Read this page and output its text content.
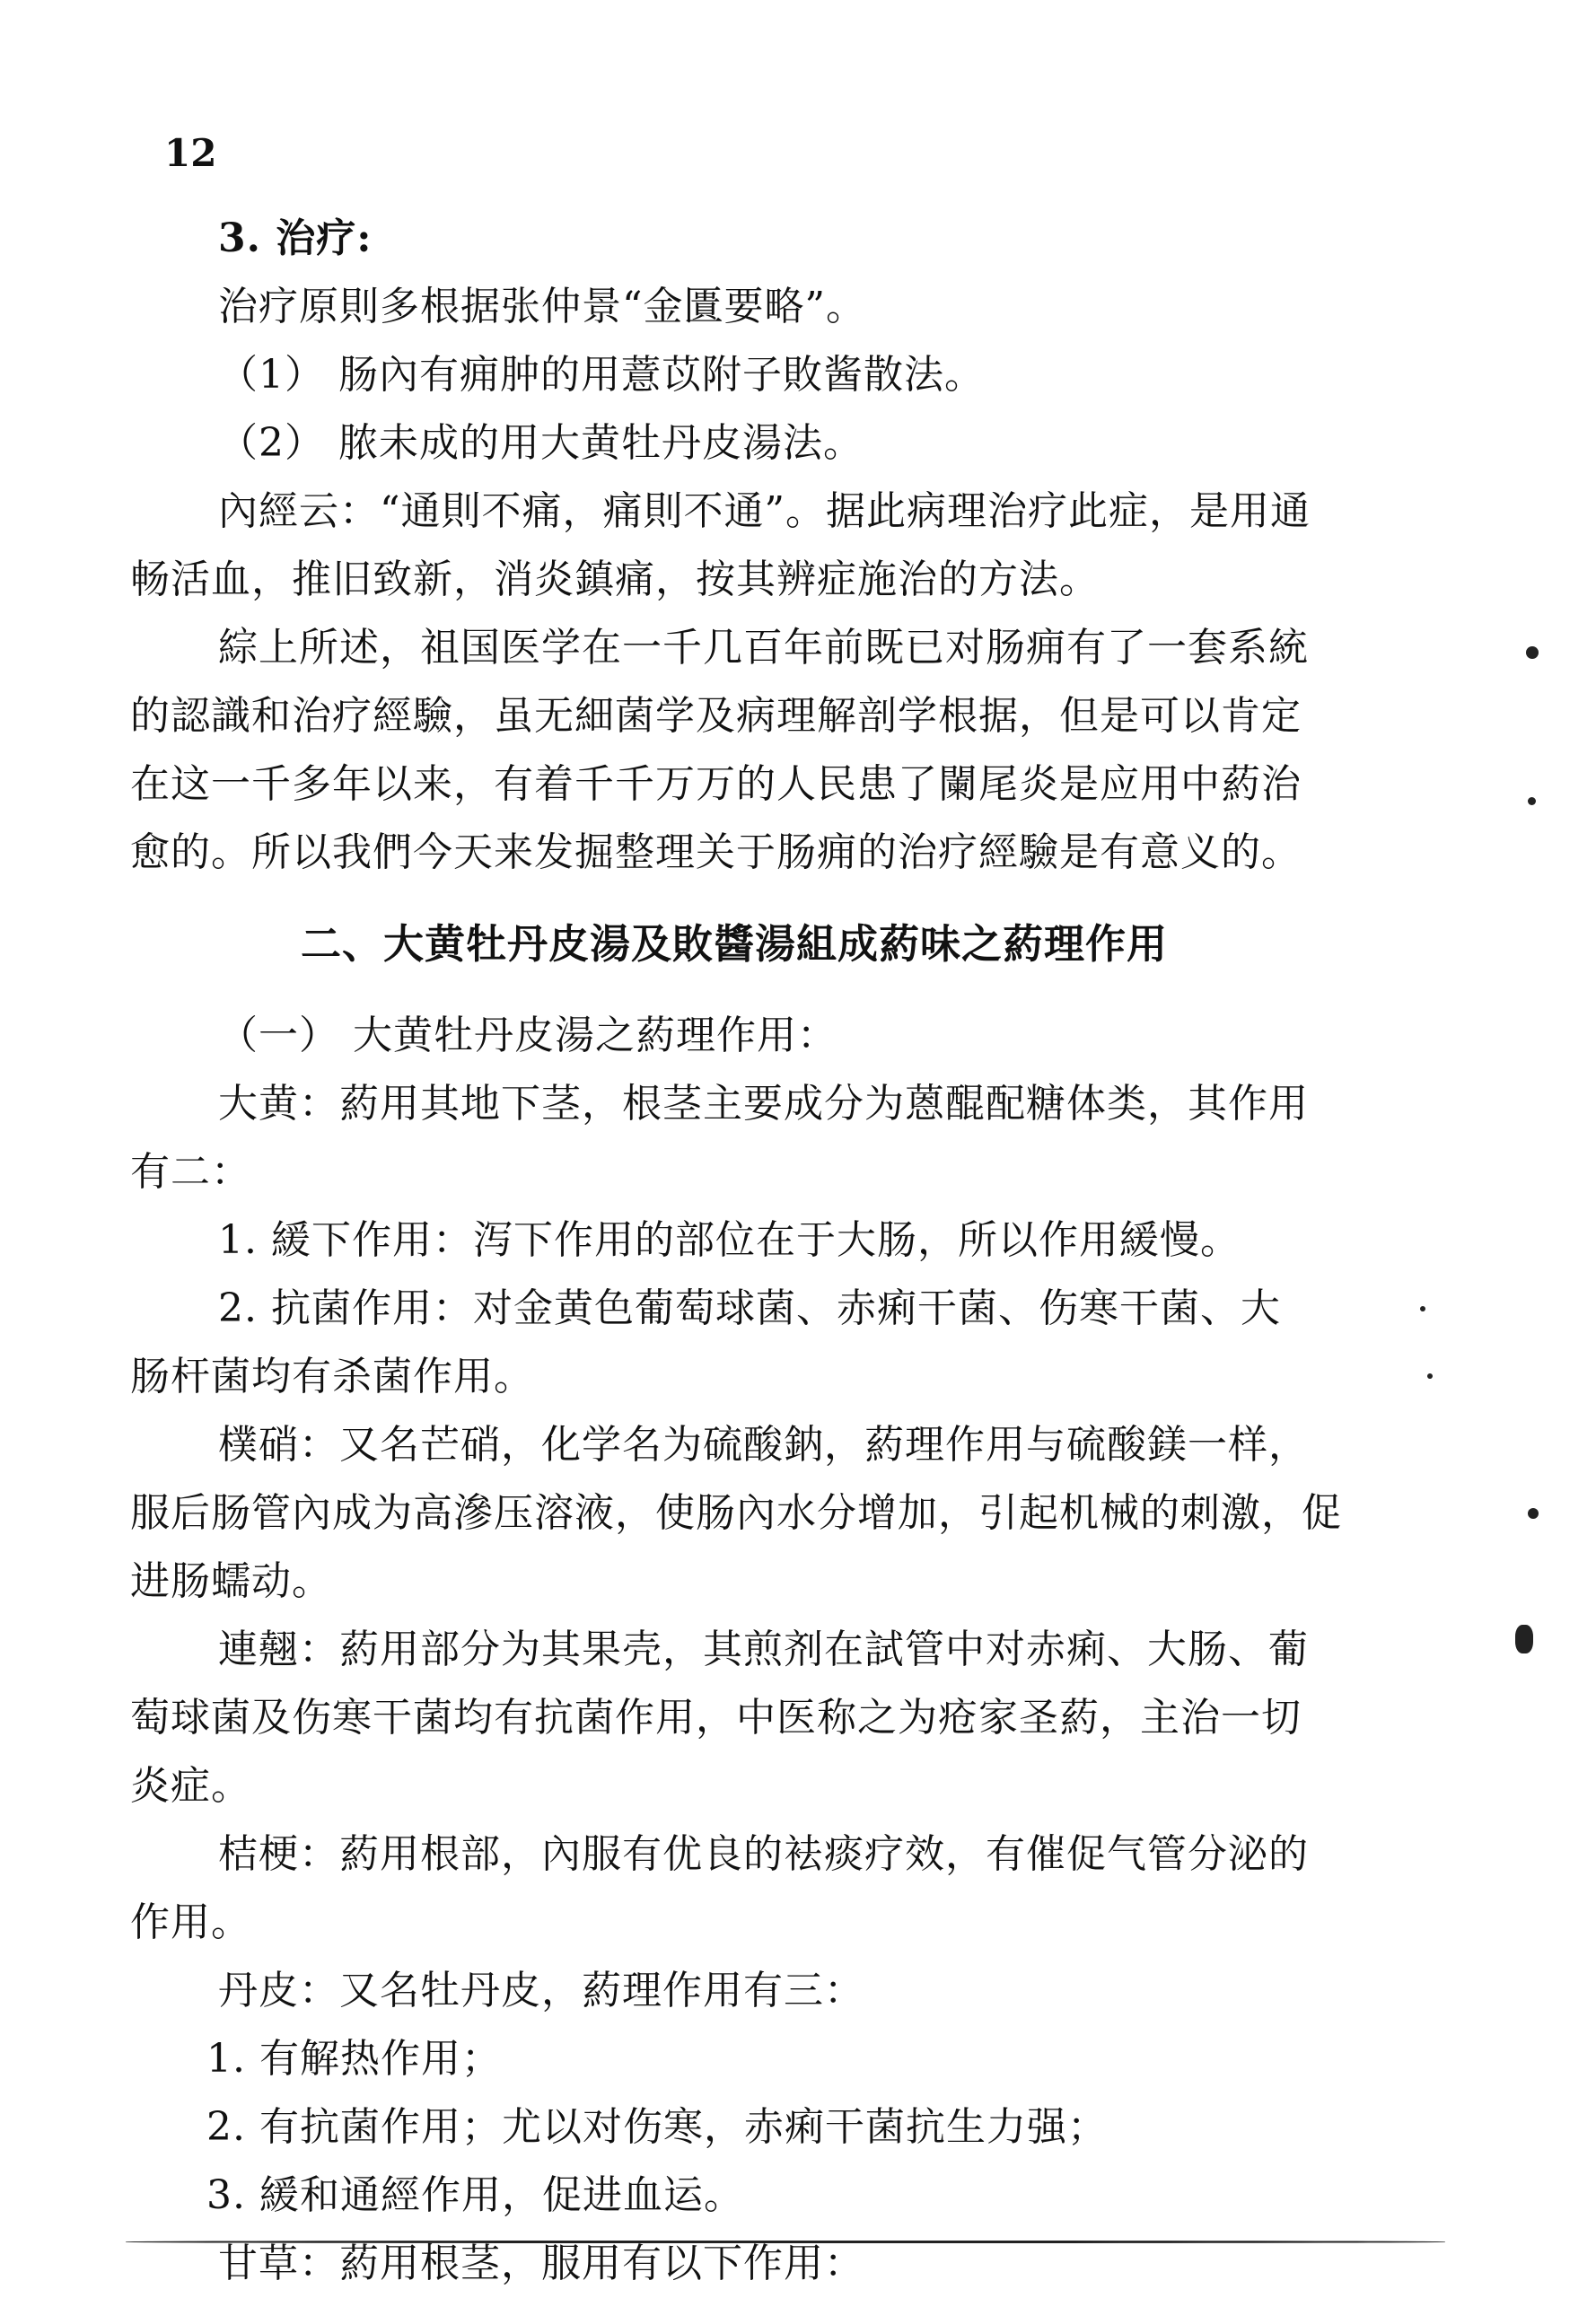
12
3. 治疗:
治疗原則多根据张仲景“金匱要略”。
（1） 肠內有痈肿的用薏苡附子敗酱散法。
（2） 脓未成的用大黄牡丹皮湯法。
內經云：“通則不痛，痛則不通”。据此病理治疗此症，是用通
畅活血，推旧致新，消炎鎮痛，按其辨症施治的方法。
綜上所述，祖国医学在一千几百年前既已对肠痈有了一套系統
的認識和治疗經驗，虽无細菌学及病理解剖学根据，但是可以肯定
在这一千多年以来，有着千千万万的人民患了闌尾炎是应用中葯治
愈的。所以我們今天来发掘整理关于肠痈的治疗經驗是有意义的。
二、大黄牡丹皮湯及敗醬湯組成葯味之葯理作用
（一） 大黄牡丹皮湯之葯理作用：
大黄：葯用其地下茎，根茎主要成分为蒽醌配糖体类，其作用
有二：
1. 緩下作用：泻下作用的部位在于大肠，所以作用緩慢。
2. 抗菌作用：对金黄色葡萄球菌、赤痢干菌、伤寒干菌、大
肠杆菌均有杀菌作用。
樸硝：又名芒硝，化学名为硫酸鈉，葯理作用与硫酸鎂一样，
服后肠管內成为高滲压溶液，使肠內水分增加，引起机械的刺激，促
进肠蠕动。
連翹：葯用部分为其果壳，其煎剂在試管中对赤痢、大肠、葡
萄球菌及伤寒干菌均有抗菌作用，中医称之为疮家圣葯，主治一切
炎症。
桔梗：葯用根部，內服有优良的袪痰疗效，有催促气管分泌的
作用。
丹皮：又名牡丹皮，葯理作用有三：
1. 有解热作用；
2. 有抗菌作用；尤以对伤寒，赤痢干菌抗生力强；
3. 緩和通經作用，促进血运。
甘草：葯用根茎，服用有以下作用：
